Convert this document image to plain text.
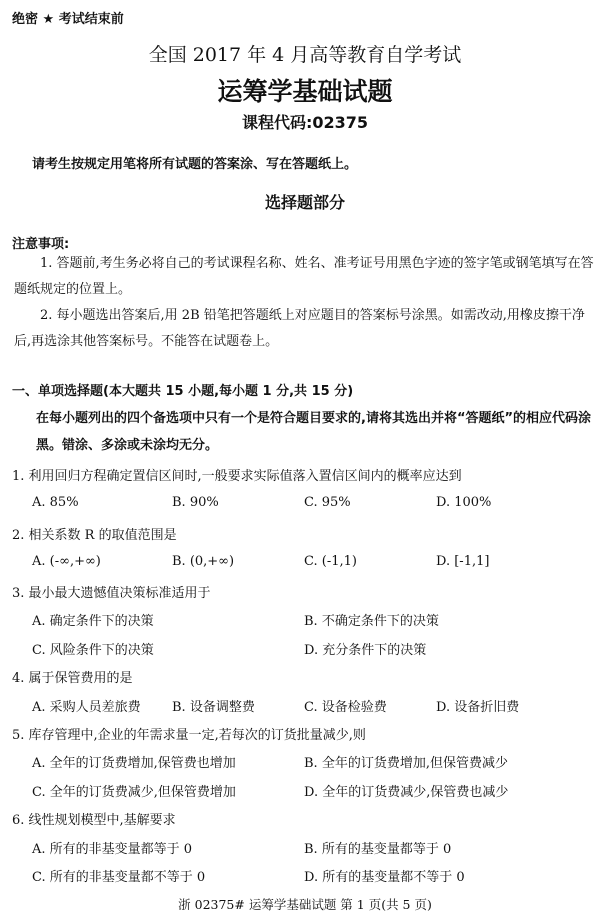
绝密 ★ 考试结束前
全国 2017 年 4 月高等教育自学考试
运筹学基础试题
课程代码:02375
请考生按规定用笔将所有试题的答案涂、写在答题纸上。
选择题部分
注意事项:
1. 答题前,考生务必将自己的考试课程名称、姓名、准考证号用黑色字迹的签字笔或钢笔填写在答题纸规定的位置上。
2. 每小题选出答案后,用 2B 铅笔把答题纸上对应题目的答案标号涂黑。如需改动,用橡皮擦干净后,再选涂其他答案标号。不能答在试题卷上。
一、单项选择题(本大题共 15 小题,每小题 1 分,共 15 分)
在每小题列出的四个备选项中只有一个是符合题目要求的,请将其选出并将“答题纸”的相应代码涂黑。错涂、多涂或未涂均无分。
1. 利用回归方程确定置信区间时,一般要求实际值落入置信区间内的概率应达到
A. 85%	B. 90%	C. 95%	D. 100%
2. 相关系数 R 的取值范围是
A. (-∞,+∞)	B. (0,+∞)	C. (-1,1)	D. [-1,1]
3. 最小最大遗憾值决策标准适用于
A. 确定条件下的决策	B. 不确定条件下的决策
C. 风险条件下的决策	D. 充分条件下的决策
4. 属于保管费用的是
A. 采购人员差旅费 B. 设备调整费	C. 设备检验费	D. 设备折旧费
5. 库存管理中,企业的年需求量一定,若每次的订货批量减少,则
A. 全年的订货费增加,保管费也增加	B. 全年的订货费增加,但保管费减少
C. 全年的订货费减少,但保管费增加	D. 全年的订货费减少,保管费也减少
6. 线性规划模型中,基解要求
A. 所有的非基变量都等于 0	B. 所有的基变量都等于 0
C. 所有的非基变量都不等于 0	D. 所有的基变量都不等于 0
浙 02375# 运筹学基础试题 第 1 页(共 5 页)
